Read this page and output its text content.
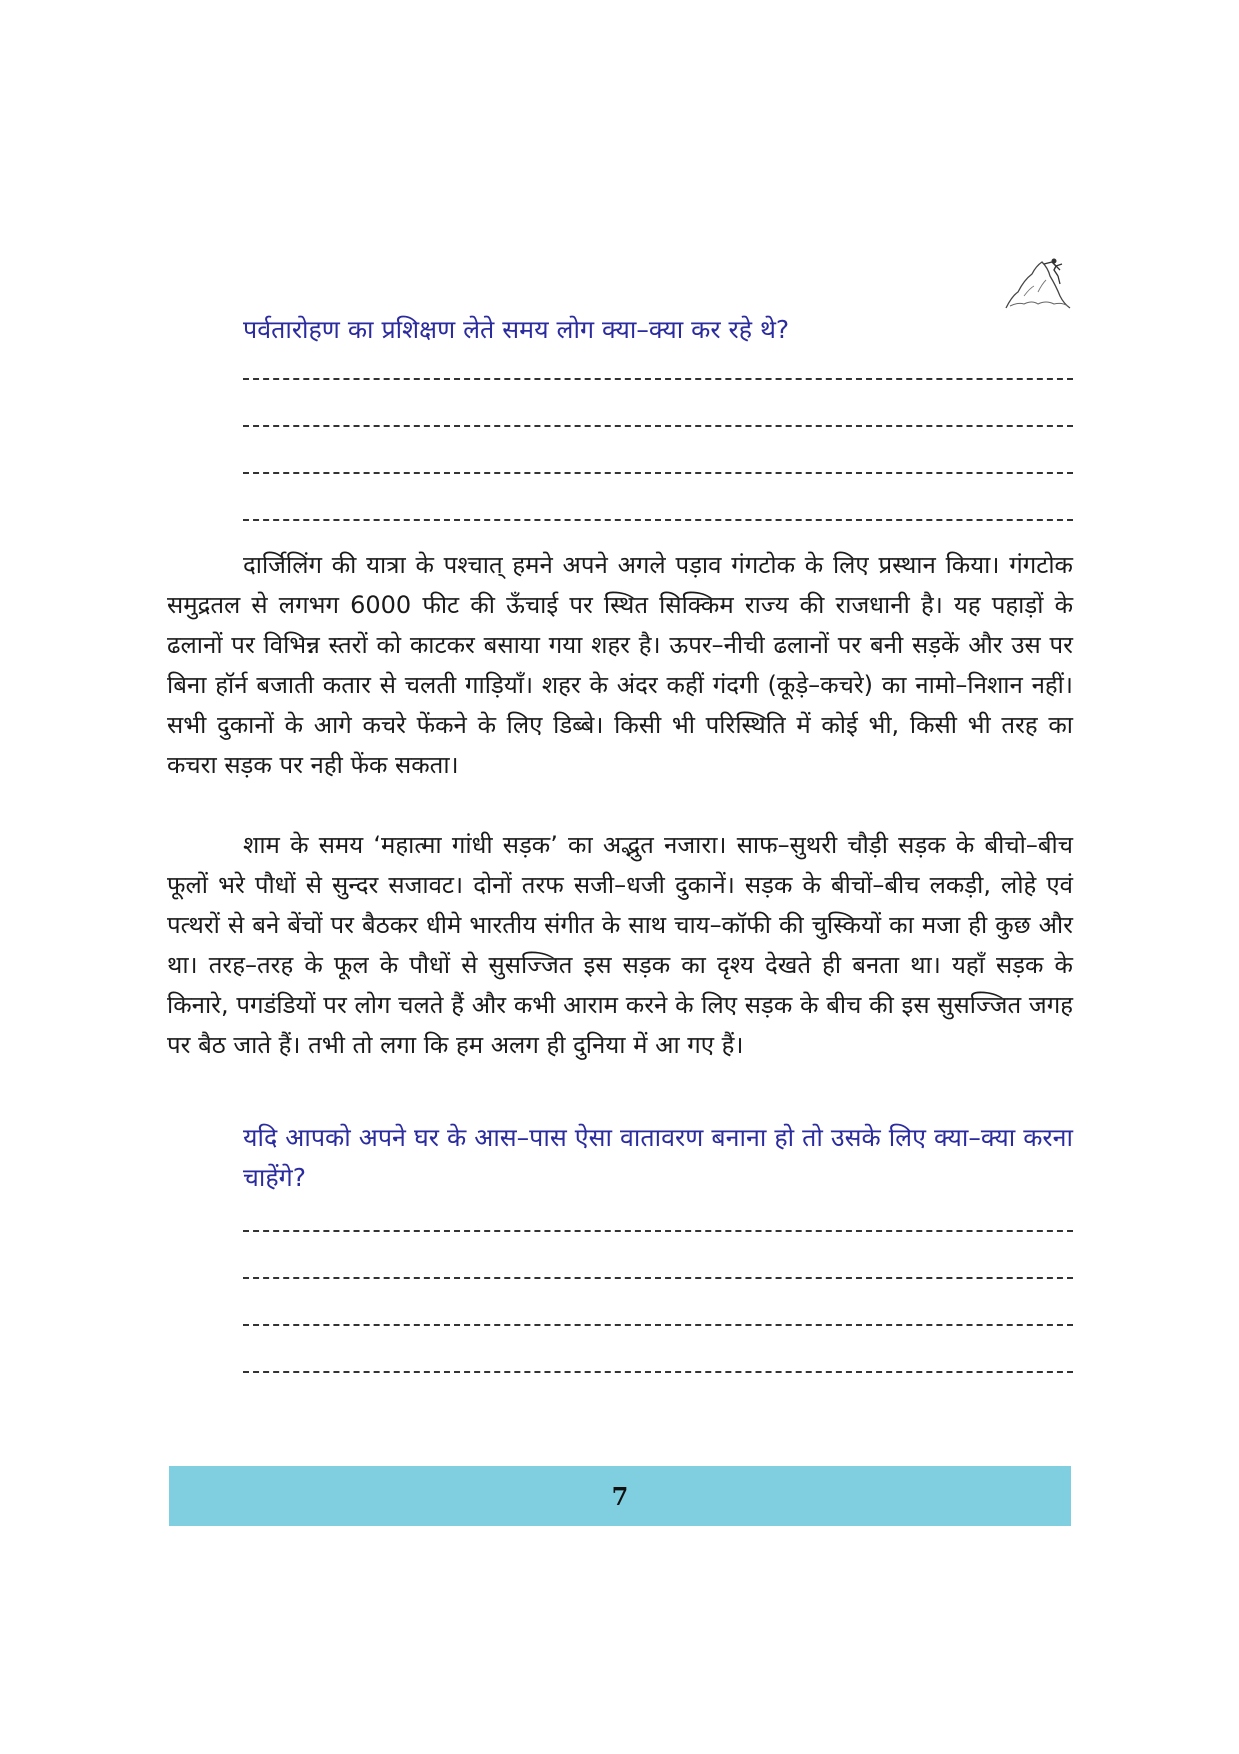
पर्वतारोहण का प्रशिक्षण लेते समय लोग क्या–क्या कर रहे थे?

दार्जिलिंग की यात्रा के पश्चात् हमने अपने अगले पड़ाव गंगटोक के लिए प्रस्थान किया। गंगटोक समुद्रतल से लगभग 6000 फीट की ऊँचाई पर स्थित सिक्किम राज्य की राजधानी है। यह पहाड़ों के ढलानों पर विभिन्न स्तरों को काटकर बसाया गया शहर है। ऊपर–नीची ढलानों पर बनी सड़कें और उस पर बिना हॉर्न बजाती कतार से चलती गाड़ियाँ। शहर के अंदर कहीं गंदगी (कूड़े–कचरे) का नामो–निशान नहीं। सभी दुकानों के आगे कचरे फेंकने के लिए डिब्बे। किसी भी परिस्थिति में कोई भी, किसी भी तरह का कचरा सड़क पर नही फेंक सकता।

शाम के समय ‘महात्मा गांधी सड़क’ का अद्भुत नजारा। साफ–सुथरी चौड़ी सड़क के बीचो–बीच फूलों भरे पौधों से सुन्दर सजावट। दोनों तरफ सजी–धजी दुकानें। सड़क के बीचों–बीच लकड़ी, लोहे एवं पत्थरों से बने बेंचों पर बैठकर धीमे भारतीय संगीत के साथ चाय–कॉफी की चुस्कियों का मजा ही कुछ और था। तरह–तरह के फूल के पौधों से सुसज्जित इस सड़क का दृश्य देखते ही बनता था। यहाँ सड़क के किनारे, पगडंडियों पर लोग चलते हैं और कभी आराम करने के लिए सड़क के बीच की इस सुसज्जित जगह पर बैठ जाते हैं। तभी तो लगा कि हम अलग ही दुनिया में आ गए हैं।

यदि आपको अपने घर के आस–पास ऐसा वातावरण बनाना हो तो उसके लिए क्या–क्या करना चाहेंगे?

7
